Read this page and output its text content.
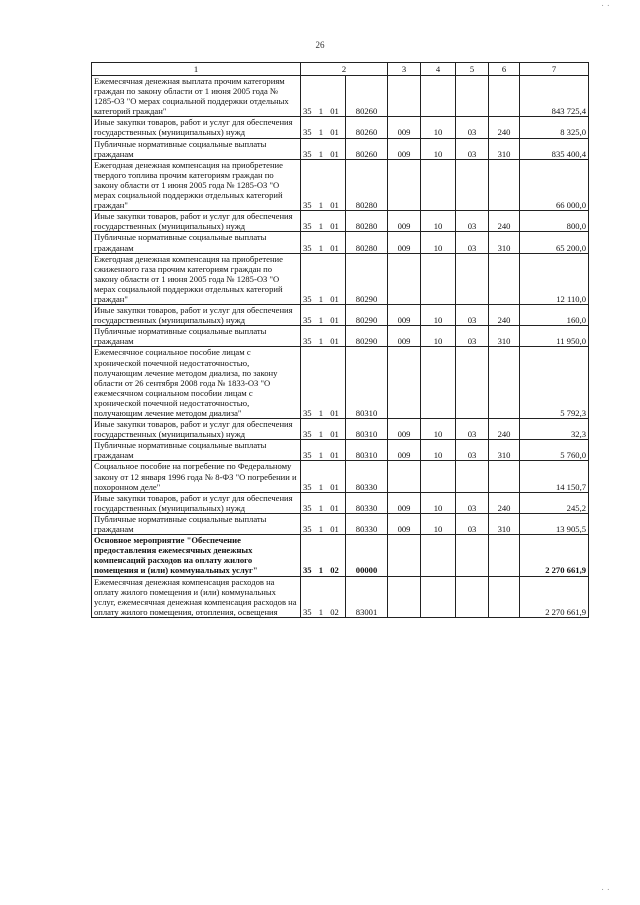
26
1	2		3	4	5	6	7
Ежемесячная денежная выплата прочим категориям граждан по закону области от 1 июня 2005 года № 1285-ОЗ "О мерах социальной поддержки отдельных категорий граждан"	35 1 01	80260					843 725,4
Иные закупки товаров, работ и услуг для обеспечения государственных (муниципальных) нужд	35 1 01	80260	009	10	03	240	8 325,0
Публичные нормативные социальные выплаты гражданам	35 1 01	80260	009	10	03	310	835 400,4
Ежегодная денежная компенсация на приобретение твердого топлива прочим категориям граждан по закону области от 1 июня 2005 года № 1285-ОЗ "О мерах социальной поддержки отдельных категорий граждан"	35 1 01	80280					66 000,0
Иные закупки товаров, работ и услуг для обеспечения государственных (муниципальных) нужд	35 1 01	80280	009	10	03	240	800,0
Публичные нормативные социальные выплаты гражданам	35 1 01	80280	009	10	03	310	65 200,0
Ежегодная денежная компенсация на приобретение сжиженного газа прочим категориям граждан по закону области от 1 июня 2005 года № 1285-ОЗ "О мерах социальной поддержки отдельных категорий граждан"	35 1 01	80290					12 110,0
Иные закупки товаров, работ и услуг для обеспечения государственных (муниципальных) нужд	35 1 01	80290	009	10	03	240	160,0
Публичные нормативные социальные выплаты гражданам	35 1 01	80290	009	10	03	310	11 950,0
Ежемесячное социальное пособие лицам с хронической почечной недостаточностью, получающим лечение методом диализа, по закону области от 26 сентября 2008 года № 1833-ОЗ "О ежемесячном социальном пособии лицам с хронической почечной недостаточностью, получающим лечение методом диализа"	35 1 01	80310					5 792,3
Иные закупки товаров, работ и услуг для обеспечения государственных (муниципальных) нужд	35 1 01	80310	009	10	03	240	32,3
Публичные нормативные социальные выплаты гражданам	35 1 01	80310	009	10	03	310	5 760,0
Социальное пособие на погребение по Федеральному закону от 12 января 1996 года № 8-ФЗ "О погребении и похоронном деле"	35 1 01	80330					14 150,7
Иные закупки товаров, работ и услуг для обеспечения государственных (муниципальных) нужд	35 1 01	80330	009	10	03	240	245,2
Публичные нормативные социальные выплаты гражданам	35 1 01	80330	009	10	03	310	13 905,5
Основное мероприятие "Обеспечение предоставления ежемесячных денежных компенсаций расходов на оплату жилого помещения и (или) коммунальных услуг"	35 1 02	00000					2 270 661,9
Ежемесячная денежная компенсация расходов на оплату жилого помещения и (или) коммунальных услуг, ежемесячная денежная компенсация расходов на оплату жилого помещения, отопления, освещения	35 1 02	83001					2 270 661,9
˙ ˙
˙ ˙
